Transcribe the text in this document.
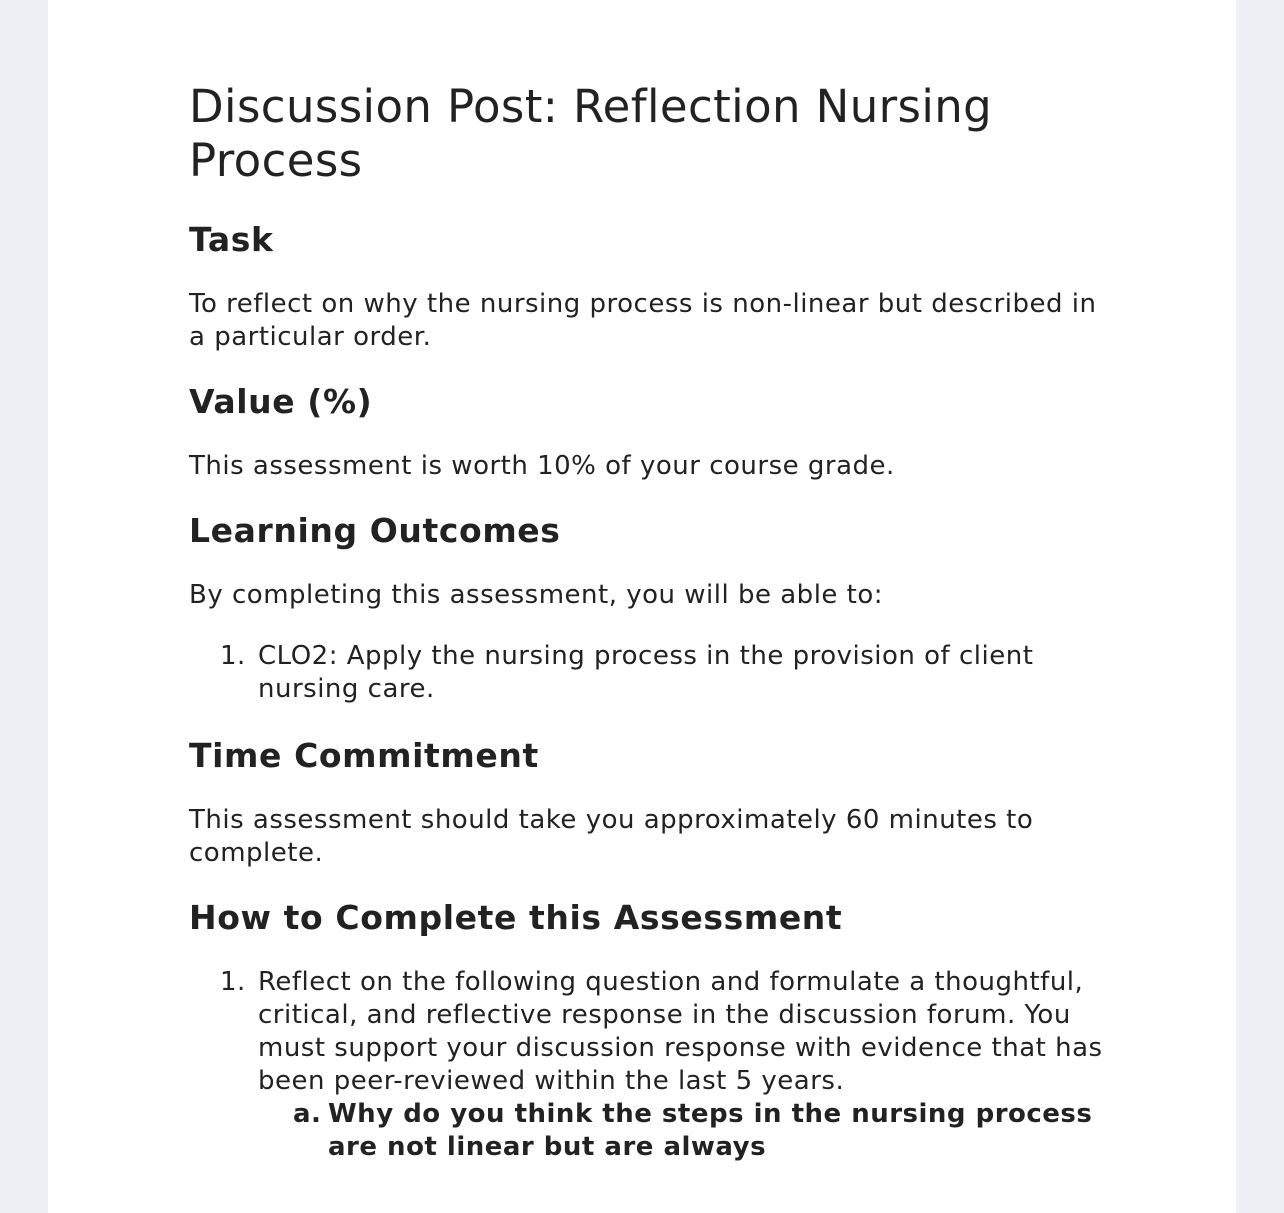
Discussion Post: Reflection Nursing Process
Task

To reflect on why the nursing process is non-linear but described in a particular order.

Value (%)

This assessment is worth 10% of your course grade.

Learning Outcomes

By completing this assessment, you will be able to:

1. CLO2: Apply the nursing process in the provision of client nursing care.
Time Commitment

This assessment should take you approximately 60 minutes to complete.

How to Complete this Assessment
1. Reflect on the following question and formulate a thoughtful, critical, and reflective response in the discussion forum. You must support your discussion response with evidence that has been peer-reviewed within the last 5 years.
a. Why do you think the steps in the nursing process are not linear but are always
